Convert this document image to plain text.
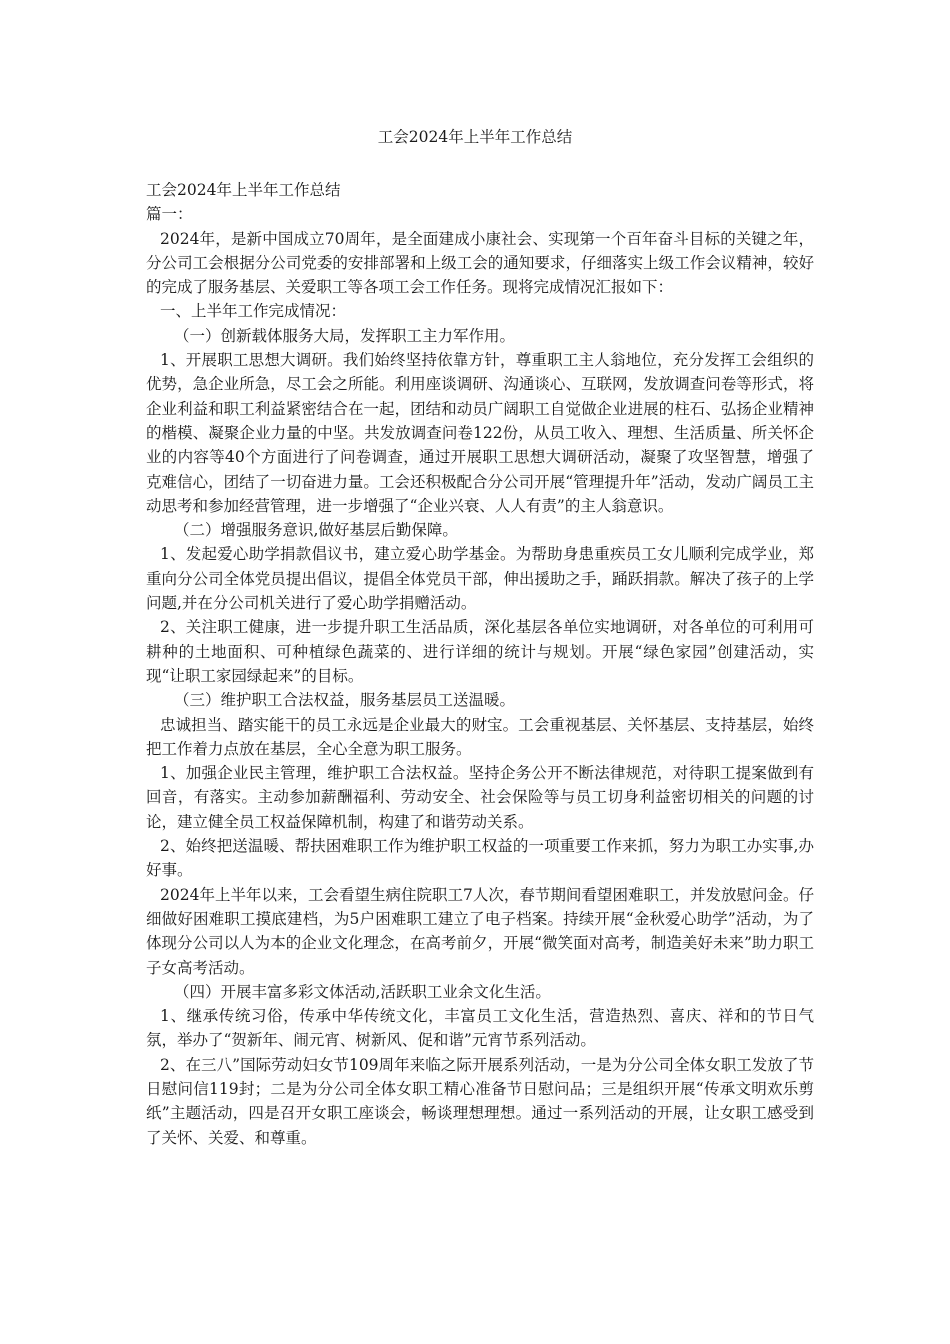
工会2024年上半年工作总结

工会2024年上半年工作总结

篇一：

2024年，是新中国成立70周年，是全面建成小康社会、实现第一个百年奋斗目标的关键之年，分公司工会根据分公司党委的安排部署和上级工会的通知要求，仔细落实上级工作会议精神，较好的完成了服务基层、关爱职工等各项工会工作任务。现将完成情况汇报如下：

一、上半年工作完成情况：

（一）创新载体服务大局，发挥职工主力军作用。

1、开展职工思想大调研。我们始终坚持依靠方针，尊重职工主人翁地位，充分发挥工会组织的优势，急企业所急，尽工会之所能。利用座谈调研、沟通谈心、互联网，发放调查问卷等形式，将企业利益和职工利益紧密结合在一起，团结和动员广阔职工自觉做企业进展的柱石、弘扬企业精神的楷模、凝聚企业力量的中坚。共发放调查问卷122份，从员工收入、理想、生活质量、所关怀企业的内容等40个方面进行了问卷调查，通过开展职工思想大调研活动，凝聚了攻坚智慧，增强了克难信心，团结了一切奋进力量。工会还积极配合分公司开展“管理提升年”活动，发动广阔员工主动思考和参加经营管理，进一步增强了“企业兴衰、人人有责”的主人翁意识。

（二）增强服务意识,做好基层后勤保障。

1、发起爱心助学捐款倡议书，建立爱心助学基金。为帮助身患重疾员工女儿顺利完成学业，郑重向分公司全体党员提出倡议，提倡全体党员干部，伸出援助之手，踊跃捐款。解决了孩子的上学问题,并在分公司机关进行了爱心助学捐赠活动。

2、关注职工健康，进一步提升职工生活品质，深化基层各单位实地调研，对各单位的可利用可耕种的土地面积、可种植绿色蔬菜的、进行详细的统计与规划。开展“绿色家园”创建活动，实现“让职工家园绿起来”的目标。

（三）维护职工合法权益，服务基层员工送温暖。

忠诚担当、踏实能干的员工永远是企业最大的财宝。工会重视基层、关怀基层、支持基层，始终把工作着力点放在基层，全心全意为职工服务。

1、加强企业民主管理，维护职工合法权益。坚持企务公开不断法律规范，对待职工提案做到有回音，有落实。主动参加薪酬福利、劳动安全、社会保险等与员工切身利益密切相关的问题的讨论，建立健全员工权益保障机制，构建了和谐劳动关系。

2、始终把送温暖、帮扶困难职工作为维护职工权益的一项重要工作来抓，努力为职工办实事,办好事。

2024年上半年以来，工会看望生病住院职工7人次，春节期间看望困难职工，并发放慰问金。仔细做好困难职工摸底建档，为5户困难职工建立了电子档案。持续开展“金秋爱心助学”活动，为了体现分公司以人为本的企业文化理念，在高考前夕，开展“微笑面对高考，制造美好未来”助力职工子女高考活动。

（四）开展丰富多彩文体活动,活跃职工业余文化生活。

1、继承传统习俗，传承中华传统文化，丰富员工文化生活，营造热烈、喜庆、祥和的节日气氛，举办了“贺新年、闹元宵、树新风、促和谐”元宵节系列活动。

2、在三八”国际劳动妇女节109周年来临之际开展系列活动，一是为分公司全体女职工发放了节日慰问信119封；二是为分公司全体女职工精心准备节日慰问品；三是组织开展“传承文明欢乐剪纸”主题活动，四是召开女职工座谈会，畅谈理想理想。通过一系列活动的开展，让女职工感受到了关怀、关爱、和尊重。
